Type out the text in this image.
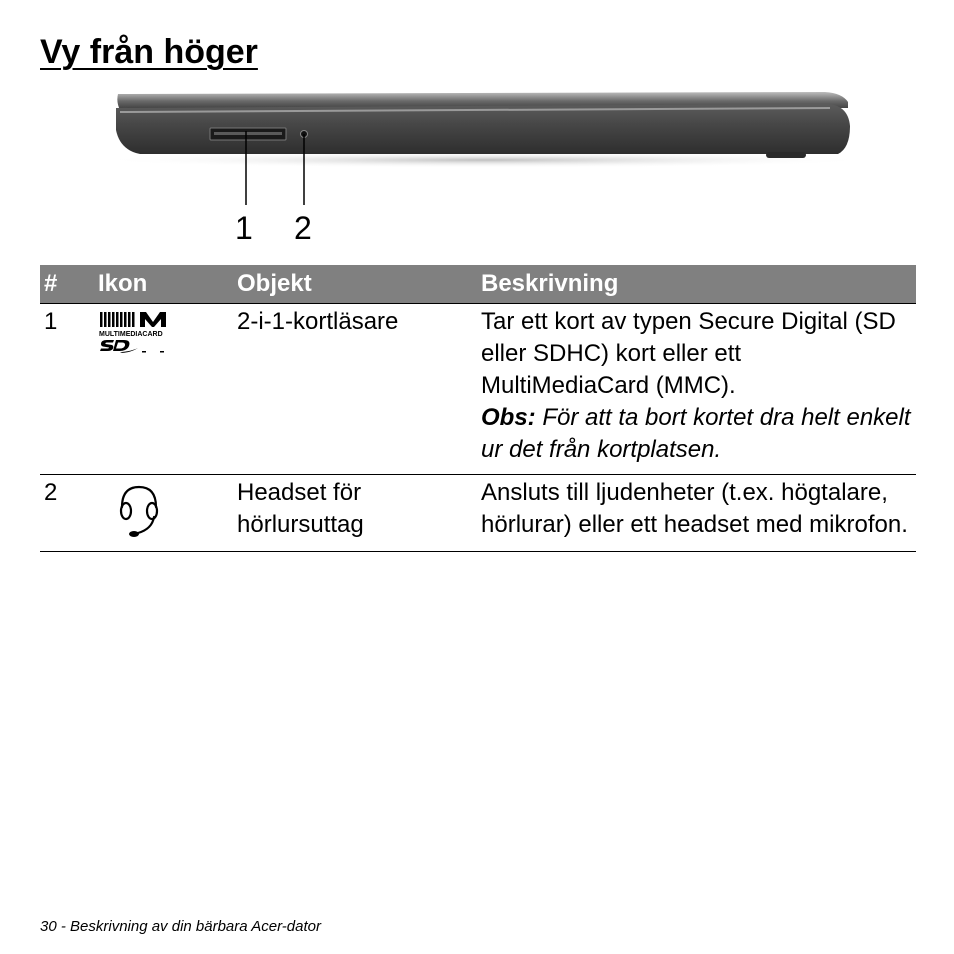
Vy från höger
1 2
#	Ikon	Objekt	Beskrivning
1	MULTIMEDIACARD	2-i-1-kortläsare	Tar ett kort av typen Secure Digital (SD eller SDHC) kort eller ett MultiMediaCard (MMC).
Obs: För att ta bort kortet dra helt enkelt ur det från kortplatsen.
2		Headset för hörlursuttag	Ansluts till ljudenheter (t.ex. högtalare, hörlurar) eller ett headset med mikrofon.
30 - Beskrivning av din bärbara Acer-dator
